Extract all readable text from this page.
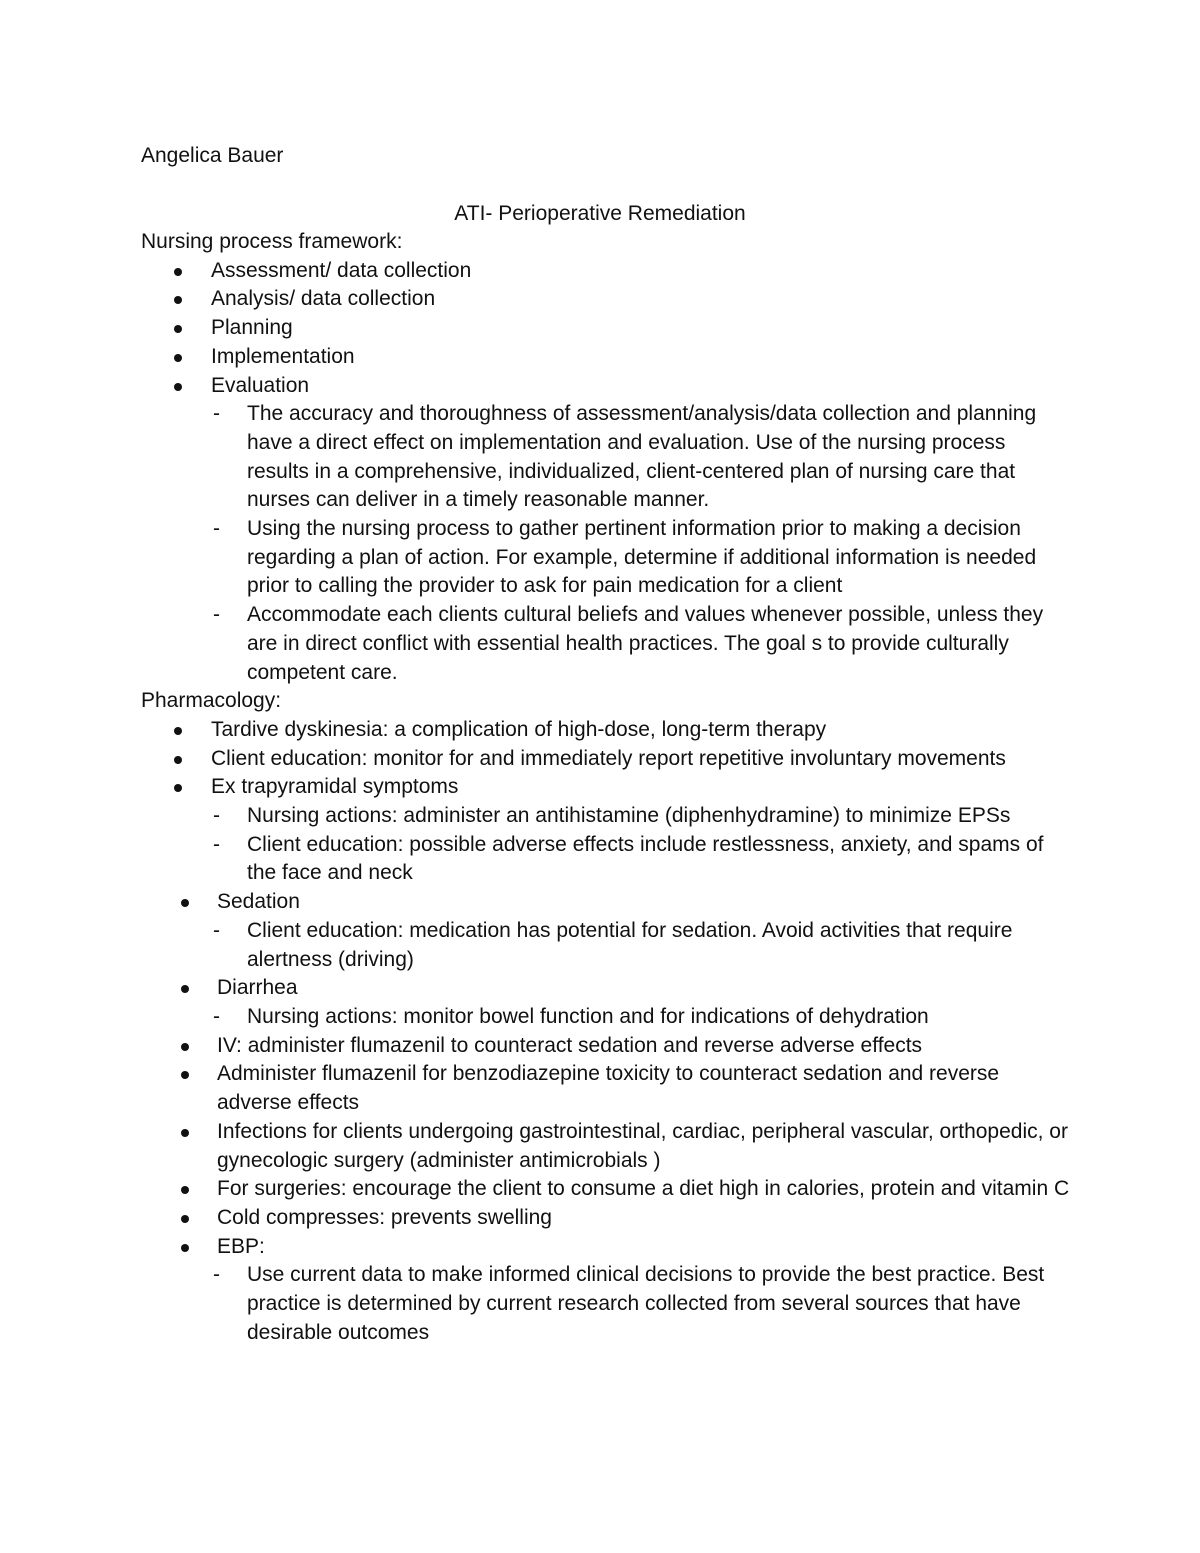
Angelica Bauer
ATI- Perioperative Remediation
Nursing process framework:
Assessment/ data collection
Analysis/ data collection
Planning
Implementation
Evaluation
- The accuracy and thoroughness of assessment/analysis/data collection and planning have a direct effect on implementation and evaluation. Use of the nursing process results in a comprehensive, individualized, client-centered plan of nursing care that nurses can deliver in a timely reasonable manner.
- Using the nursing process to gather pertinent information prior to making a decision regarding a plan of action. For example, determine if additional information is needed prior to calling the provider to ask for pain medication for a client
- Accommodate each clients cultural beliefs and values whenever possible, unless they are in direct conflict with essential health practices. The goal s to provide culturally competent care.
Pharmacology:
Tardive dyskinesia: a complication of high-dose, long-term therapy
Client education: monitor for and immediately report repetitive involuntary movements
Ex trapyramidal symptoms
- Nursing actions: administer an antihistamine (diphenhydramine) to minimize EPSs
- Client education: possible adverse effects include restlessness, anxiety, and spams of the face and neck
Sedation
- Client education: medication has potential for sedation. Avoid activities that require alertness (driving)
Diarrhea
- Nursing actions: monitor bowel function and for indications of dehydration
IV: administer flumazenil to counteract sedation and reverse adverse effects
Administer flumazenil for benzodiazepine toxicity to counteract sedation and reverse adverse effects
Infections for clients undergoing gastrointestinal, cardiac, peripheral vascular, orthopedic, or gynecologic surgery (administer antimicrobials )
For surgeries: encourage the client to consume a diet high in calories, protein and vitamin C
Cold compresses: prevents swelling
EBP:
- Use current data to make informed clinical decisions to provide the best practice. Best practice is determined by current research collected from several sources that have desirable outcomes
